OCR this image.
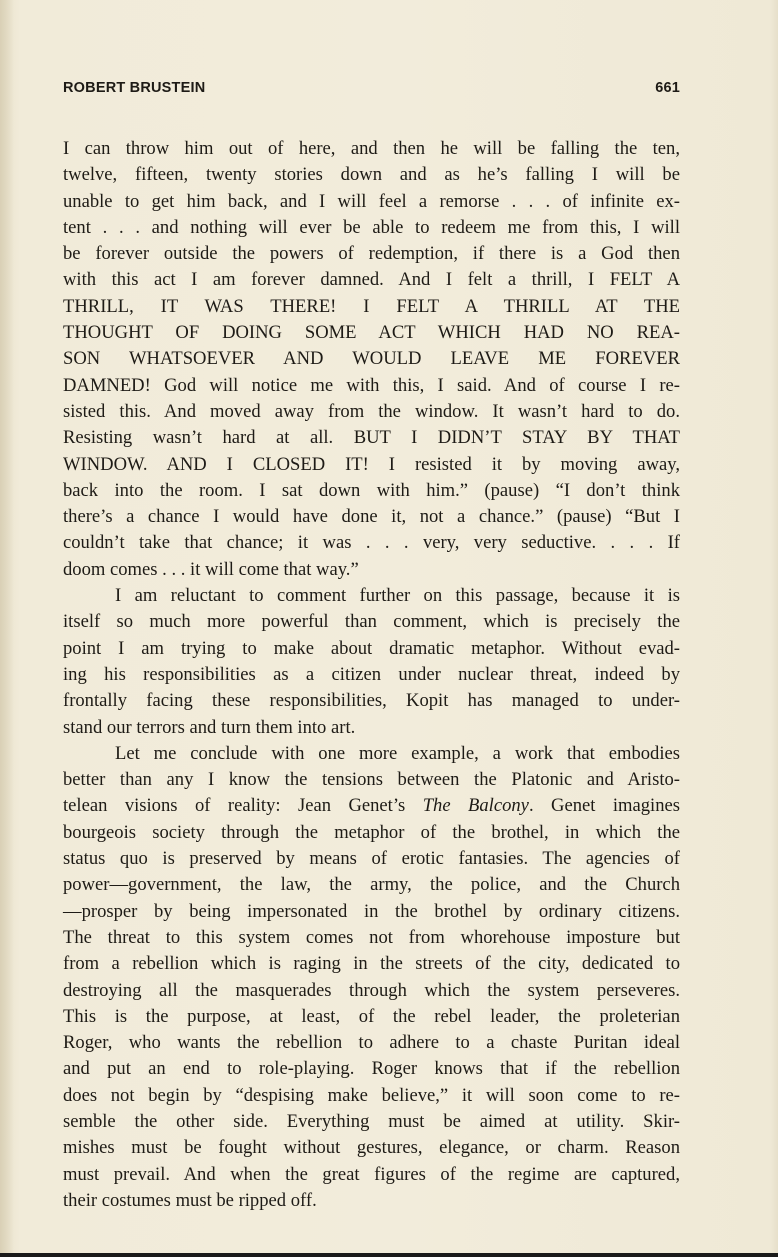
ROBERT BRUSTEIN	661
I can throw him out of here, and then he will be falling the ten,
twelve, fifteen, twenty stories down and as he’s falling I will be
unable to get him back, and I will feel a remorse . . . of infinite ex-
tent . . . and nothing will ever be able to redeem me from this, I will
be forever outside the powers of redemption, if there is a God then
with this act I am forever damned. And I felt a thrill, I FELT A
THRILL, IT WAS THERE! I FELT A THRILL AT THE
THOUGHT OF DOING SOME ACT WHICH HAD NO REA-
SON WHATSOEVER AND WOULD LEAVE ME FOREVER
DAMNED! God will notice me with this, I said. And of course I re-
sisted this. And moved away from the window. It wasn’t hard to do.
Resisting wasn’t hard at all. BUT I DIDN’T STAY BY THAT
WINDOW. AND I CLOSED IT! I resisted it by moving away,
back into the room. I sat down with him.” (pause) “I don’t think
there’s a chance I would have done it, not a chance.” (pause) “But I
couldn’t take that chance; it was . . . very, very seductive. . . . If
doom comes . . . it will come that way.”
I am reluctant to comment further on this passage, because it is
itself so much more powerful than comment, which is precisely the
point I am trying to make about dramatic metaphor. Without evad-
ing his responsibilities as a citizen under nuclear threat, indeed by
frontally facing these responsibilities, Kopit has managed to under-
stand our terrors and turn them into art.
Let me conclude with one more example, a work that embodies
better than any I know the tensions between the Platonic and Aristo-
telean visions of reality: Jean Genet’s The Balcony. Genet imagines
bourgeois society through the metaphor of the brothel, in which the
status quo is preserved by means of erotic fantasies. The agencies of
power—government, the law, the army, the police, and the Church
—prosper by being impersonated in the brothel by ordinary citizens.
The threat to this system comes not from whorehouse imposture but
from a rebellion which is raging in the streets of the city, dedicated to
destroying all the masquerades through which the system perseveres.
This is the purpose, at least, of the rebel leader, the proleterian
Roger, who wants the rebellion to adhere to a chaste Puritan ideal
and put an end to role-playing. Roger knows that if the rebellion
does not begin by “despising make believe,” it will soon come to re-
semble the other side. Everything must be aimed at utility. Skir-
mishes must be fought without gestures, elegance, or charm. Reason
must prevail. And when the great figures of the regime are captured,
their costumes must be ripped off.
